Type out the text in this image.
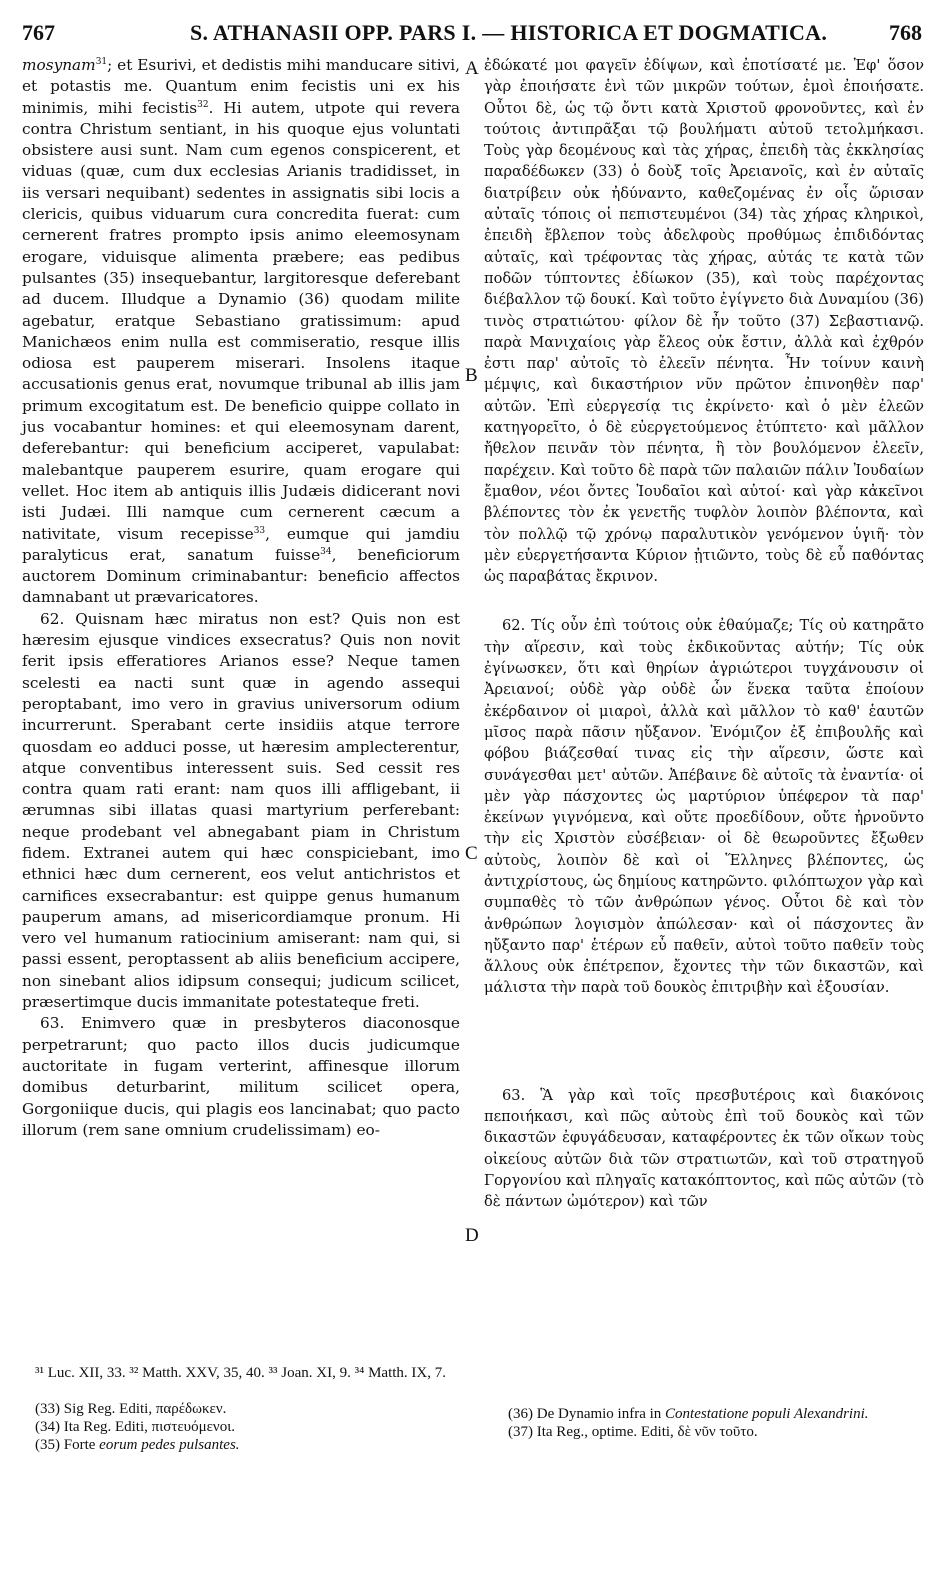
767	S. ATHANASII OPP. PARS I. — HISTORICA ET DOGMATICA.	768

mosynam$^{31}$; et Esurivi, et dedistis mihi manducare sitivi, et potastis me. Quantum enim fecistis uni ex his minimis, mihi fecistis$^{32}$. Hi autem, utpote qui revera contra Christum sentiant, in his quoque ejus voluntati obsistere ausi sunt. Nam cum egenos conspicerent, et viduas (quæ, cum dux ecclesias Arianis tradidisset, in iis versari nequibant) sedentes in assignatis sibi locis a clericis, quibus viduarum cura concredita fuerat: cum cernerent fratres prompto ipsis animo eleemosynam erogare, viduisque alimenta præbere; eas pedibus pulsantes (35) insequebantur, largitoresque deferebant ad ducem. Illudque a Dynamio (36) quodam milite agebatur, eratque Sebastiano gratissimum: apud Manichæos enim nulla est commiseratio, resque illis odiosa est pauperem miserari. Insolens itaque accusationis genus erat, novumque tribunal ab illis jam primum excogitatum est. De beneficio quippe collato in jus vocabantur homines: et qui eleemosynam darent, deferebantur: qui beneficium acciperet, vapulabat: malebantque pauperem esurire, quam erogare qui vellet. Hoc item ab antiquis illis Judæis didicerant novi isti Judæi. Illi namque cum cernerent cæcum a nativitate, visum recepisse$^{33}$, eumque qui jamdiu paralyticus erat, sanatum fuisse$^{34}$, beneficiorum auctorem Dominum criminabantur: beneficio affectos damnabant ut prævaricatores.

62. Quisnam hæc miratus non est? Quis non est hæresim ejusque vindices exsecratus? Quis non novit ferit ipsis efferatiores Arianos esse? Neque tamen scelesti ea nacti sunt quæ in agendo assequi peroptabant, imo vero in gravius universorum odium incurrerunt. Sperabant certe insidiis atque terrore quosdam eo adduci posse, ut hæresim amplecterentur, atque conventibus interessent suis. Sed cessit res contra quam rati erant: nam quos illi affligebant, ii ærumnas sibi illatas quasi martyrium perferebant: neque prodebant vel abnegabant piam in Christum fidem. Extranei autem qui hæc conspiciebant, imo ethnici hæc dum cernerent, eos velut antichristos et carnifices exsecrabantur: est quippe genus humanum pauperum amans, ad misericordiamque pronum. Hi vero vel humanum ratiocinium amiserant: nam qui, si passi essent, peroptassent ab aliis beneficium accipere, non sinebant alios idipsum consequi; judicum scilicet, præsertimque ducis immanitate potestateque freti.

63. Enimvero quæ in presbyteros diaconosque perpetrarunt; quo pacto illos ducis judicumque auctoritate in fugam verterint, affinesque illorum domibus deturbarint, militum scilicet opera, Gorgoniique ducis, qui plagis eos lancinabat; quo pacto illorum (rem sane omnium crudelissimam) eo-

ἐδώκατέ μοι φαγεῖν ἐδίψων, καὶ ἐποτίσατέ με. Ἐφ' ὅσον γὰρ ἐποιήσατε ἑνὶ τῶν μικρῶν τούτων, ἐμοὶ ἐποιήσατε. Οὗτοι δὲ, ὡς τῷ ὄντι κατὰ Χριστοῦ φρονοῦντες, καὶ ἐν τούτοις ἀντιπρᾶξαι τῷ βουλήματι αὐτοῦ τετολμήκασι. Τοὺς γὰρ δεομένους καὶ τὰς χήρας, ἐπειδὴ τὰς ἐκκλησίας παραδέδωκεν (33) ὁ δοὺξ τοῖς Ἀρειανοῖς, καὶ ἐν αὐταῖς διατρίβειν οὐκ ἠδύναντο, καθεζομένας ἐν οἷς ὥρισαν αὐταῖς τόποις οἱ πεπιστευμένοι (34) τὰς χήρας κληρικοὶ, ἐπειδὴ ἔβλεπον τοὺς ἀδελφοὺς προθύμως ἐπιδιδόντας αὐταῖς, καὶ τρέφοντας τὰς χήρας, αὐτάς τε κατὰ τῶν ποδῶν τύπτοντες ἐδίωκον (35), καὶ τοὺς παρέχοντας διέβαλλον τῷ δουκί. Καὶ τοῦτο ἐγίγνετο διὰ Δυναμίου (36) τινὸς στρατιώτου· φίλον δὲ ἦν τοῦτο (37) Σεβαστιανῷ. παρὰ Μανιχαίοις γὰρ ἔλεος οὐκ ἔστιν, ἀλλὰ καὶ ἐχθρόν ἐστι παρ' αὐτοῖς τὸ ἐλεεῖν πένητα. Ἦν τοίνυν καινὴ μέμψις, καὶ δικαστήριον νῦν πρῶτον ἐπινοηθὲν παρ' αὐτῶν. Ἐπὶ εὐεργεσίᾳ τις ἐκρίνετο· καὶ ὁ μὲν ἐλεῶν κατηγορεῖτο, ὁ δὲ εὐεργετούμενος ἐτύπτετο· καὶ μᾶλλον ἤθελον πεινᾶν τὸν πένητα, ἢ τὸν βουλόμενον ἐλεεῖν, παρέχειν. Καὶ τοῦτο δὲ παρὰ τῶν παλαιῶν πάλιν Ἰουδαίων ἔμαθον, νέοι ὄντες Ἰουδαῖοι καὶ αὐτοί· καὶ γὰρ κἀκεῖνοι βλέποντες τὸν ἐκ γενετῆς τυφλὸν λοιπὸν βλέποντα, καὶ τὸν πολλῷ τῷ χρόνῳ παραλυτικὸν γενόμενον ὑγιῆ· τὸν μὲν εὐεργετήσαντα Κύριον ᾐτιῶντο, τοὺς δὲ εὖ παθόντας ὡς παραβάτας ἔκρινον.

62. Τίς οὖν ἐπὶ τούτοις οὐκ ἐθαύμαζε; Τίς οὐ κατηρᾶτο τὴν αἵρεσιν, καὶ τοὺς ἐκδικοῦντας αὐτήν; Τίς οὐκ ἐγίνωσκεν, ὅτι καὶ θηρίων ἀγριώτεροι τυγχάνουσιν οἱ Ἀρειανοί; οὐδὲ γὰρ οὐδὲ ὧν ἕνεκα ταῦτα ἐποίουν ἐκέρδαινον οἱ μιαροὶ, ἀλλὰ καὶ μᾶλλον τὸ καθ' ἑαυτῶν μῖσος παρὰ πᾶσιν ηὔξανον. Ἐνόμιζον ἐξ ἐπιβουλῆς καὶ φόβου βιάζεσθαί τινας εἰς τὴν αἵρεσιν, ὥστε καὶ συνάγεσθαι μετ' αὐτῶν. Ἀπέβαινε δὲ αὐτοῖς τὰ ἐναντία· οἱ μὲν γὰρ πάσχοντες ὡς μαρτύριον ὑπέφερον τὰ παρ' ἐκείνων γιγνόμενα, καὶ οὔτε προεδίδουν, οὔτε ἠρνοῦντο τὴν εἰς Χριστὸν εὐσέβειαν· οἱ δὲ θεωροῦντες ἔξωθεν αὐτοὺς, λοιπὸν δὲ καὶ οἱ Ἕλληνες βλέποντες, ὡς ἀντιχρίστους, ὡς δημίους κατηρῶντο. φιλόπτωχον γὰρ καὶ συμπαθὲς τὸ τῶν ἀνθρώπων γένος. Οὗτοι δὲ καὶ τὸν ἀνθρώπων λογισμὸν ἀπώλεσαν· καὶ οἱ πάσχοντες ἂν ηὔξαντο παρ' ἑτέρων εὖ παθεῖν, αὐτοὶ τοῦτο παθεῖν τοὺς ἄλλους οὐκ ἐπέτρεπον, ἔχοντες τὴν τῶν δικαστῶν, καὶ μάλιστα τὴν παρὰ τοῦ δουκὸς ἐπιτριβὴν καὶ ἐξουσίαν.

63. Ἃ γὰρ καὶ τοῖς πρεσβυτέροις καὶ διακόνοις πεποιήκασι, καὶ πῶς αὐτοὺς ἐπὶ τοῦ δουκὸς καὶ τῶν δικαστῶν ἐφυγάδευσαν, καταφέροντες ἐκ τῶν οἴκων τοὺς οἰκείους αὐτῶν διὰ τῶν στρατιωτῶν, καὶ τοῦ στρατηγοῦ Γοργονίου καὶ πληγαῖς κατακόπτοντος, καὶ πῶς αὐτῶν (τὸ δὲ πάντων ὠμότερον) καὶ τῶν

A
B
C
D
³¹ Luc. XII, 33. ³² Matth. XXV, 35, 40. ³³ Joan. XI, 9. ³⁴ Matth. IX, 7.
(33) Sig Reg. Editi, παρέδωκεν.
(34) Ita Reg. Editi, πιστευόμενοι.
(35) Forte eorum pedes pulsantes.
(36) De Dynamio infra in Contestatione populi Alexandrini.
(37) Ita Reg., optime. Editi, δὲ νῦν τοῦτο.
